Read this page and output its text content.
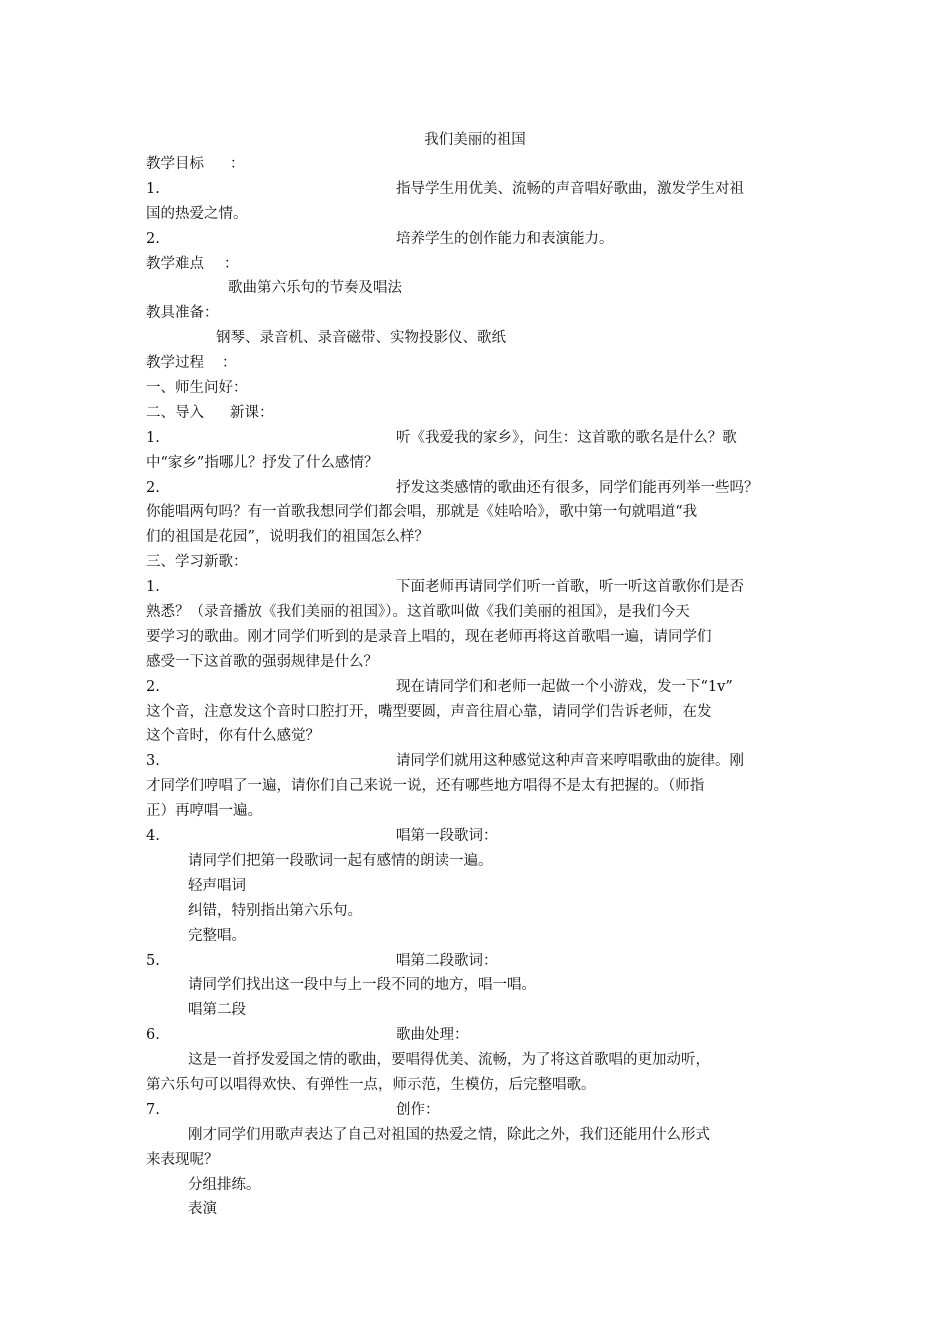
我们美丽的祖国
教学目标 ：
1.	指导学生用优美、流畅的声音唱好歌曲，激发学生对祖
国的热爱之情。
2.	培养学生的创作能力和表演能力。
教学难点 ：
歌曲第六乐句的节奏及唱法
教具准备：
钢琴、录音机、录音磁带、实物投影仪、歌纸
教学过程 ：
一、师生问好：
二、导入 新课：
1.	听《我爱我的家乡》，问生：这首歌的歌名是什么？歌
中“家乡”指哪儿？抒发了什么感情？
2.	抒发这类感情的歌曲还有很多，同学们能再列举一些吗？
你能唱两句吗？有一首歌我想同学们都会唱，那就是《娃哈哈》，歌中第一句就唱道“我
们的祖国是花园”，说明我们的祖国怎么样？
三、学习新歌：
1.	下面老师再请同学们听一首歌，听一听这首歌你们是否
熟悉？（录音播放《我们美丽的祖国》）。这首歌叫做《我们美丽的祖国》，是我们今天
要学习的歌曲。刚才同学们听到的是录音上唱的，现在老师再将这首歌唱一遍，请同学们
感受一下这首歌的强弱规律是什么？
2.	现在请同学们和老师一起做一个小游戏，发一下“1v”
这个音，注意发这个音时口腔打开，嘴型要圆，声音往眉心靠，请同学们告诉老师，在发
这个音时，你有什么感觉？
3.	请同学们就用这种感觉这种声音来哼唱歌曲的旋律。刚
才同学们哼唱了一遍，请你们自己来说一说，还有哪些地方唱得不是太有把握的。（师指
正）再哼唱一遍。
4.	唱第一段歌词：
请同学们把第一段歌词一起有感情的朗读一遍。
轻声唱词
纠错，特别指出第六乐句。
完整唱。
5.	唱第二段歌词：
请同学们找出这一段中与上一段不同的地方，唱一唱。
唱第二段
6.	歌曲处理：
这是一首抒发爱国之情的歌曲，要唱得优美、流畅，为了将这首歌唱的更加动听，
第六乐句可以唱得欢快、有弹性一点，师示范，生模仿，后完整唱歌。
7.	创作：
刚才同学们用歌声表达了自己对祖国的热爱之情，除此之外，我们还能用什么形式
来表现呢？
分组排练。
表演
